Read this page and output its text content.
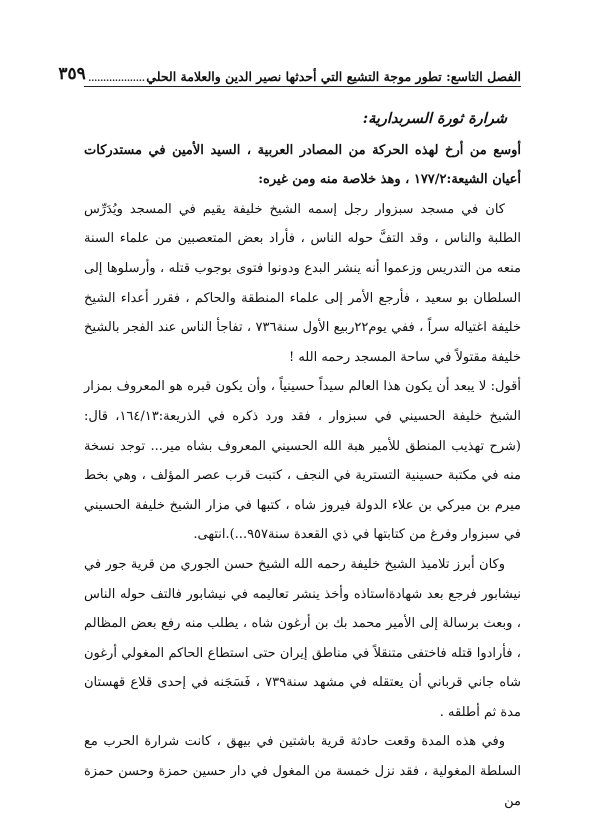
الفصل التاسع: تطور موجة التشيع التي أحدثها نصير الدين والعلامة الحلي
...................
٣٥٩

شرارة ثورة السربدارية:

أوسع من أرخ لهذه الحركة من المصادر العربية ، السيد الأمين في مستدركات أعيان الشيعة:١٧٧/٢ ، وهذ خلاصة منه ومن غيره:

كان في مسجد سبزوار رجل إسمه الشيخ خليفة يقيم في المسجد ويُدَرِّس الطلبة والناس ، وقد التفَّ حوله الناس ، فأراد بعض المتعصبين من علماء السنة منعه من التدريس وزعموا أنه ينشر البدع ودونوا فتوى بوجوب قتله ، وأرسلوها إلى السلطان بو سعيد ، فأرجع الأمر إلى علماء المنطقة والحاكم ، فقرر أعداء الشيخ خليفة اغتياله سراً ، ففي يوم٢٢ربيع الأول سنة٧٣٦ ، تفاجأ الناس عند الفجر بالشيخ خليفة مقتولاً في ساحة المسجد رحمه الله !

أقول: لا يبعد أن يكون هذا العالم سيداً حسينياً ، وأن يكون قبره هو المعروف بمزار الشيخ خليفة الحسيني في سبزوار ، فقد ورد ذكره في الذريعة:١٦٤/١٣، قال: (شرح تهذيب المنطق للأمير هبة الله الحسيني المعروف بشاه مير... توجد نسخة منه في مكتبة حسينية التسترية في النجف ، كتبت قرب عصر المؤلف ، وهي بخط ميرم بن ميركي بن علاء الدولة فيروز شاه ، كتبها في مزار الشيخ خليفة الحسيني في سبزوار وفرغ من كتابتها في ذي القعدة سنة٩٥٧...).انتهى.

وكان أبرز تلاميذ الشيخ خليفة رحمه الله الشيخ حسن الجوري من قرية جور في نيشابور فرجع بعد شهادةاستاذه وأخذ ينشر تعاليمه في نيشابور فالتف حوله الناس ، وبعث برسالة إلى الأمير محمد بك بن أرغون شاه ، يطلب منه رفع بعض المظالم ، فأرادوا قتله فاختفى متنقلاً في مناطق إيران حتى استطاع الحاكم المغولي أرغون شاه جاني قرباني أن يعتقله في مشهد سنة٧٣٩ ، فَسَجَنه في إحدى قلاع قهستان مدة ثم أطلقه .

وفي هذه المدة وقعت حادثة قرية باشتين في بيهق ، كانت شرارة الحرب مع السلطة المغولية ، فقد نزل خمسة من المغول في دار حسين حمزة وحسن حمزة من
